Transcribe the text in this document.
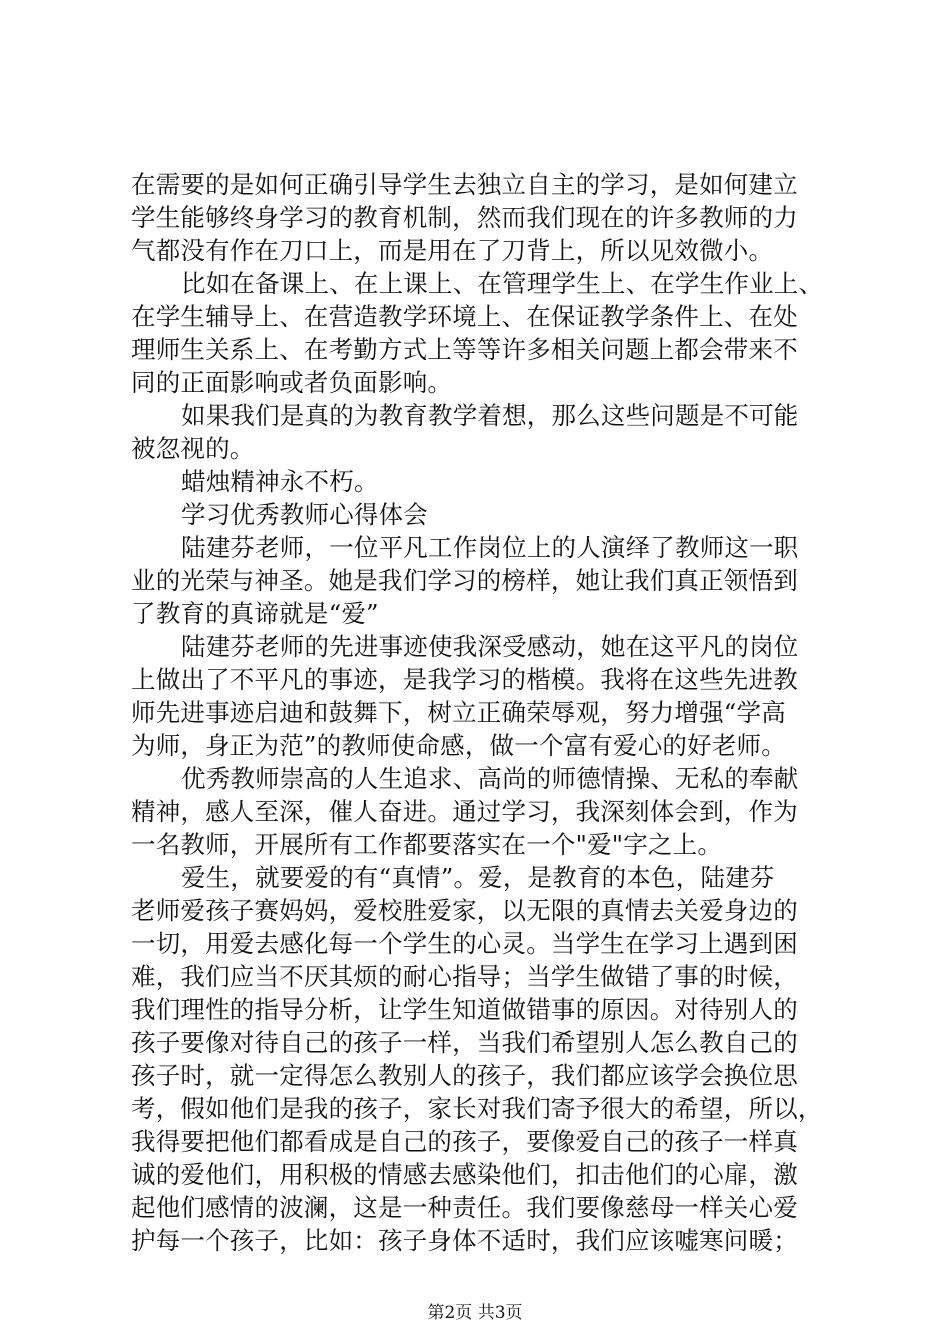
在需要的是如何正确引导学生去独立自主的学习，是如何建立
学生能够终身学习的教育机制，然而我们现在的许多教师的力
气都没有作在刀口上，而是用在了刀背上，所以见效微小。
比如在备课上、在上课上、在管理学生上、在学生作业上、
在学生辅导上、在营造教学环境上、在保证教学条件上、在处
理师生关系上、在考勤方式上等等许多相关问题上都会带来不
同的正面影响或者负面影响。
如果我们是真的为教育教学着想，那么这些问题是不可能
被忽视的。
蜡烛精神永不朽。
学习优秀教师心得体会
陆建芬老师，一位平凡工作岗位上的人演绎了教师这一职
业的光荣与神圣。她是我们学习的榜样，她让我们真正领悟到
了教育的真谛就是“爱”
陆建芬老师的先进事迹使我深受感动，她在这平凡的岗位
上做出了不平凡的事迹，是我学习的楷模。我将在这些先进教
师先进事迹启迪和鼓舞下，树立正确荣辱观，努力增强“学高
为师，身正为范”的教师使命感，做一个富有爱心的好老师。
优秀教师崇高的人生追求、高尚的师德情操、无私的奉献
精神，感人至深，催人奋进。通过学习，我深刻体会到，作为
一名教师，开展所有工作都要落实在一个"爱"字之上。
爱生，就要爱的有“真情”。爱，是教育的本色，陆建芬
老师爱孩子赛妈妈，爱校胜爱家，以无限的真情去关爱身边的
一切，用爱去感化每一个学生的心灵。当学生在学习上遇到困
难，我们应当不厌其烦的耐心指导；当学生做错了事的时候，
我们理性的指导分析，让学生知道做错事的原因。对待别人的
孩子要像对待自己的孩子一样，当我们希望别人怎么教自己的
孩子时，就一定得怎么教别人的孩子，我们都应该学会换位思
考，假如他们是我的孩子，家长对我们寄予很大的希望，所以，
我得要把他们都看成是自己的孩子，要像爱自己的孩子一样真
诚的爱他们，用积极的情感去感染他们，扣击他们的心扉，激
起他们感情的波澜，这是一种责任。我们要像慈母一样关心爱
护每一个孩子，比如：孩子身体不适时，我们应该嘘寒问暖；
第2页 共3页
